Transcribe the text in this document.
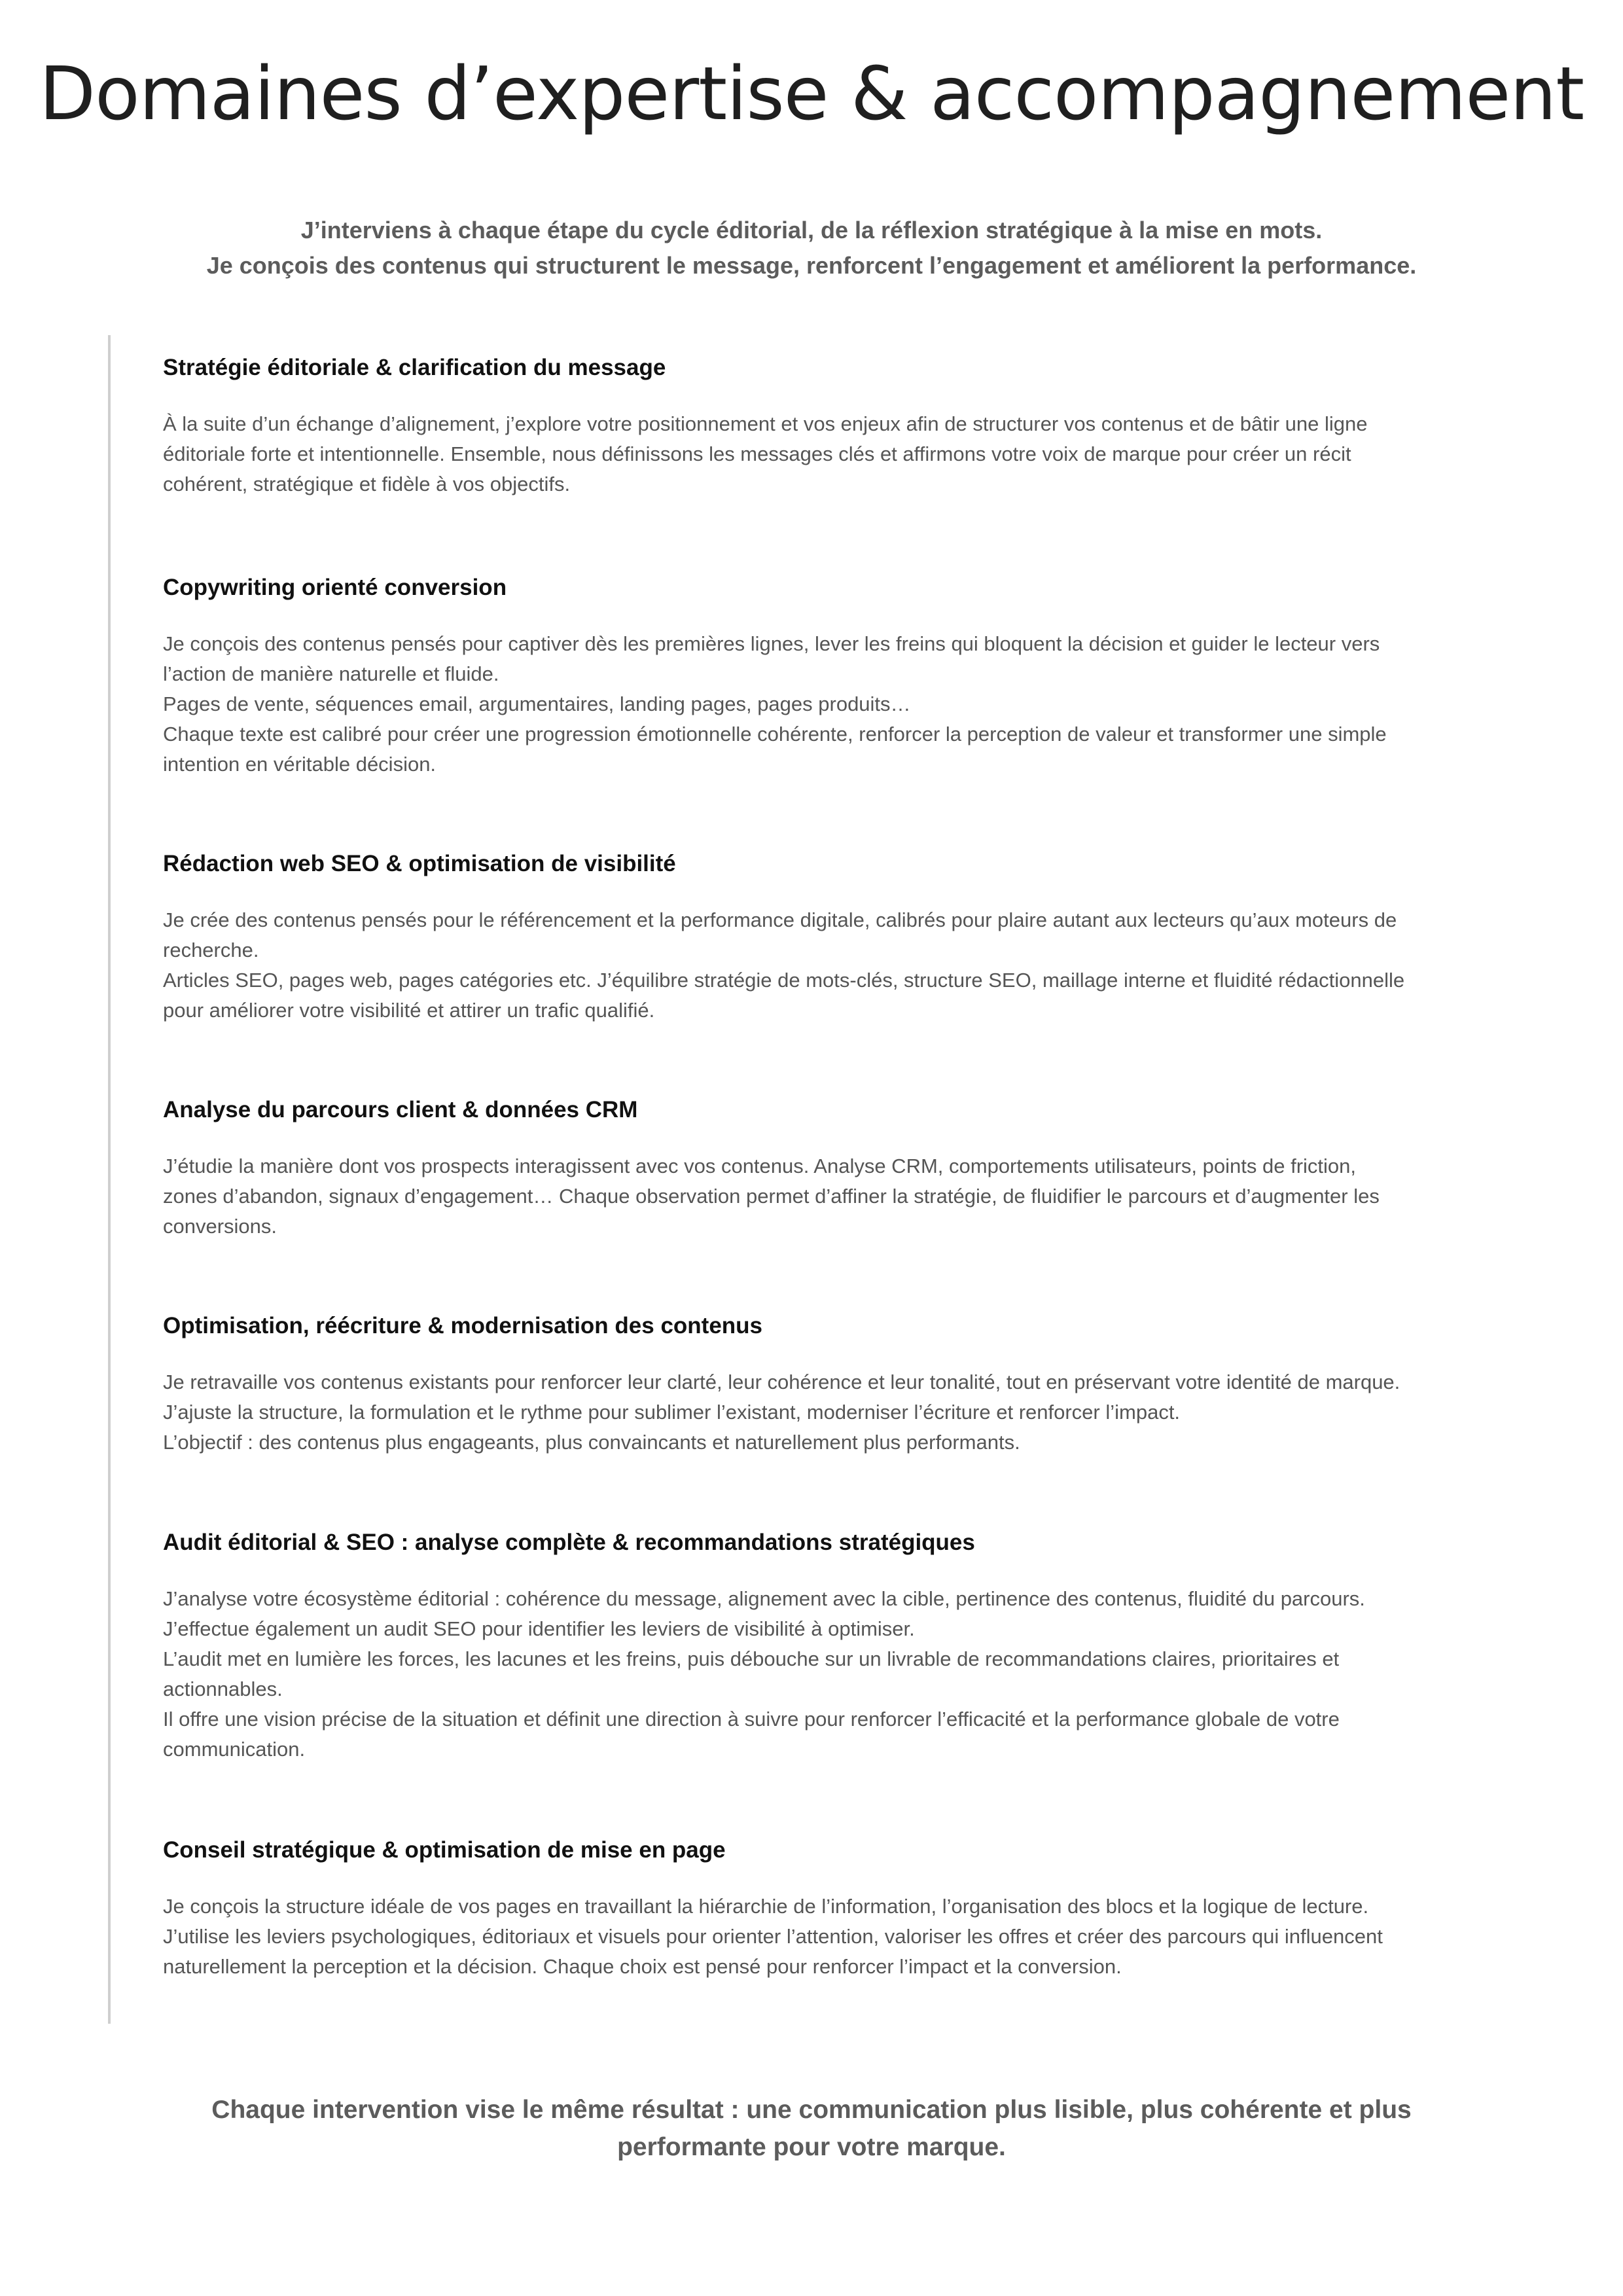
Domaines d’expertise & accompagnement

J’interviens à chaque étape du cycle éditorial, de la réflexion stratégique à la mise en mots.

Je conçois des contenus qui structurent le message, renforcent l’engagement et améliorent la performance.

Stratégie éditoriale & clarification du message

À la suite d’un échange d’alignement, j’explore votre positionnement et vos enjeux afin de structurer vos contenus et de bâtir une ligne éditoriale forte et intentionnelle. Ensemble, nous définissons les messages clés et affirmons votre voix de marque pour créer un récit cohérent, stratégique et fidèle à vos objectifs.

Copywriting orienté conversion

Je conçois des contenus pensés pour captiver dès les premières lignes, lever les freins qui bloquent la décision et guider le lecteur vers l’action de manière naturelle et fluide.

Pages de vente, séquences email, argumentaires, landing pages, pages produits…

Chaque texte est calibré pour créer une progression émotionnelle cohérente, renforcer la perception de valeur et transformer une simple intention en véritable décision.

Rédaction web SEO & optimisation de visibilité

Je crée des contenus pensés pour le référencement et la performance digitale, calibrés pour plaire autant aux lecteurs qu’aux moteurs de recherche.

Articles SEO, pages web, pages catégories etc. J’équilibre stratégie de mots-clés, structure SEO, maillage interne et fluidité rédactionnelle pour améliorer votre visibilité et attirer un trafic qualifié.

Analyse du parcours client & données CRM

J’étudie la manière dont vos prospects interagissent avec vos contenus. Analyse CRM, comportements utilisateurs, points de friction, zones d’abandon, signaux d’engagement… Chaque observation permet d’affiner la stratégie, de fluidifier le parcours et d’augmenter les conversions.

Optimisation, réécriture & modernisation des contenus

Je retravaille vos contenus existants pour renforcer leur clarté, leur cohérence et leur tonalité, tout en préservant votre identité de marque. J’ajuste la structure, la formulation et le rythme pour sublimer l’existant, moderniser l’écriture et renforcer l’impact.

L’objectif : des contenus plus engageants, plus convaincants et naturellement plus performants.

Audit éditorial & SEO : analyse complète & recommandations stratégiques

J’analyse votre écosystème éditorial : cohérence du message, alignement avec la cible, pertinence des contenus, fluidité du parcours. J’effectue également un audit SEO pour identifier les leviers de visibilité à optimiser.

L’audit met en lumière les forces, les lacunes et les freins, puis débouche sur un livrable de recommandations claires, prioritaires et actionnables.

Il offre une vision précise de la situation et définit une direction à suivre pour renforcer l’efficacité et la performance globale de votre communication.

Conseil stratégique & optimisation de mise en page

Je conçois la structure idéale de vos pages en travaillant la hiérarchie de l’information, l’organisation des blocs et la logique de lecture. J’utilise les leviers psychologiques, éditoriaux et visuels pour orienter l’attention, valoriser les offres et créer des parcours qui influencent naturellement la perception et la décision. Chaque choix est pensé pour renforcer l’impact et la conversion.

Chaque intervention vise le même résultat : une communication plus lisible, plus cohérente et plus

performante pour votre marque.
